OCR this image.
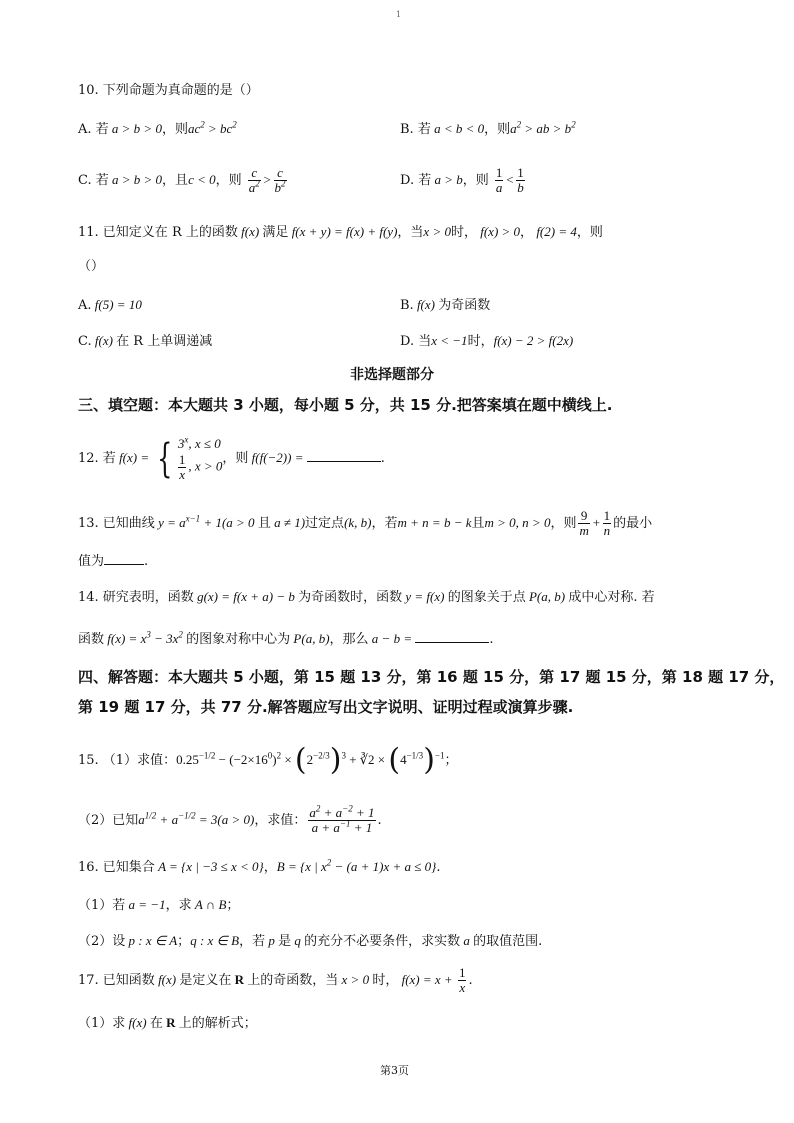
1
10. 下列命题为真命题的是（）
A. 若 a > b > 0，则$ac^2 > bc^2$	B. 若 a < b < 0，则$a^2$ > ab > $b^2$
C. 若 a > b > 0，且c < 0，则 $\frac{c}{a^2} > \frac{c}{b^2}$	D. 若 a > b，则 $\frac{1}{a} < \frac{1}{b}$
11. 已知定义在 R 上的函数 f(x) 满足 f(x + y) = f(x) + f(y)，当x > 0时， f(x) > 0， f(2) = 4，则
（）
A. f(5) = 10	B. f(x) 为奇函数
C. f(x) 在 R 上单调递减	D. 当x < −1时，f(x) − 2 > f(2x)
非选择题部分
三、填空题：本大题共 3 小题，每小题 5 分，共 15 分.把答案填在题中横线上.
12. 若 f(x) = { 3$^x$, x ≤ 0

$\frac{1}{x}$ , x > 0，则 f(f(−2)) =	.
13. 已知曲线 $y = a^{x-1} + 1(a > 0$ 且 a ≠ 1)过定点(k, b)，若m + n = b − k且m > 0, n > 0，则 $\frac{9}{m} + \frac{1}{n}$ 的最小
值为	.
14. 研究表明，函数 g(x) = f(x + a) − b 为奇函数时，函数 y = f(x) 的图象关于点 P(a, b) 成中心对称. 若
函数 $f(x) = x^3 - 3x^2$ 的图象对称中心为 P(a, b)，那么 a − b =	.
四、解答题：本大题共 5 小题，第 15 题 13 分，第 16 题 15 分，第 17 题 15 分，第 18 题 17 分，
第 19 题 17 分，共 77 分.解答题应写出文字说明、证明过程或演算步骤.
15. （1）求值：$0.25^{-1/2} - (-2\times 16^0)^2 \times (2^{-2/3})^3$ + ∛2 × $(4^{-1/3})^{-1}$；
（2）已知$a^{1/2} + a^{-1/2} = 3(a > 0)$，求值： $\frac{a^2 + a^{-2} + 1}{a + a^{-1} + 1}$ .
16. 已知集合 A = {x | −3 ≤ x < 0}，B = {x | $x^2 - (a + 1)x + a \le 0$}.
（1）若 a = −1，求 A ∩ B；
（2）设 p : x ∈ A；q : x ∈ B，若 p 是 q 的充分不必要条件，求实数 a 的取值范围.
17. 已知函数 f(x) 是定义在 R 上的奇函数，当 x > 0 时， $f(x) = x + \frac{1}{x}$ .
（1）求 f(x) 在 R 上的解析式；
第3页
